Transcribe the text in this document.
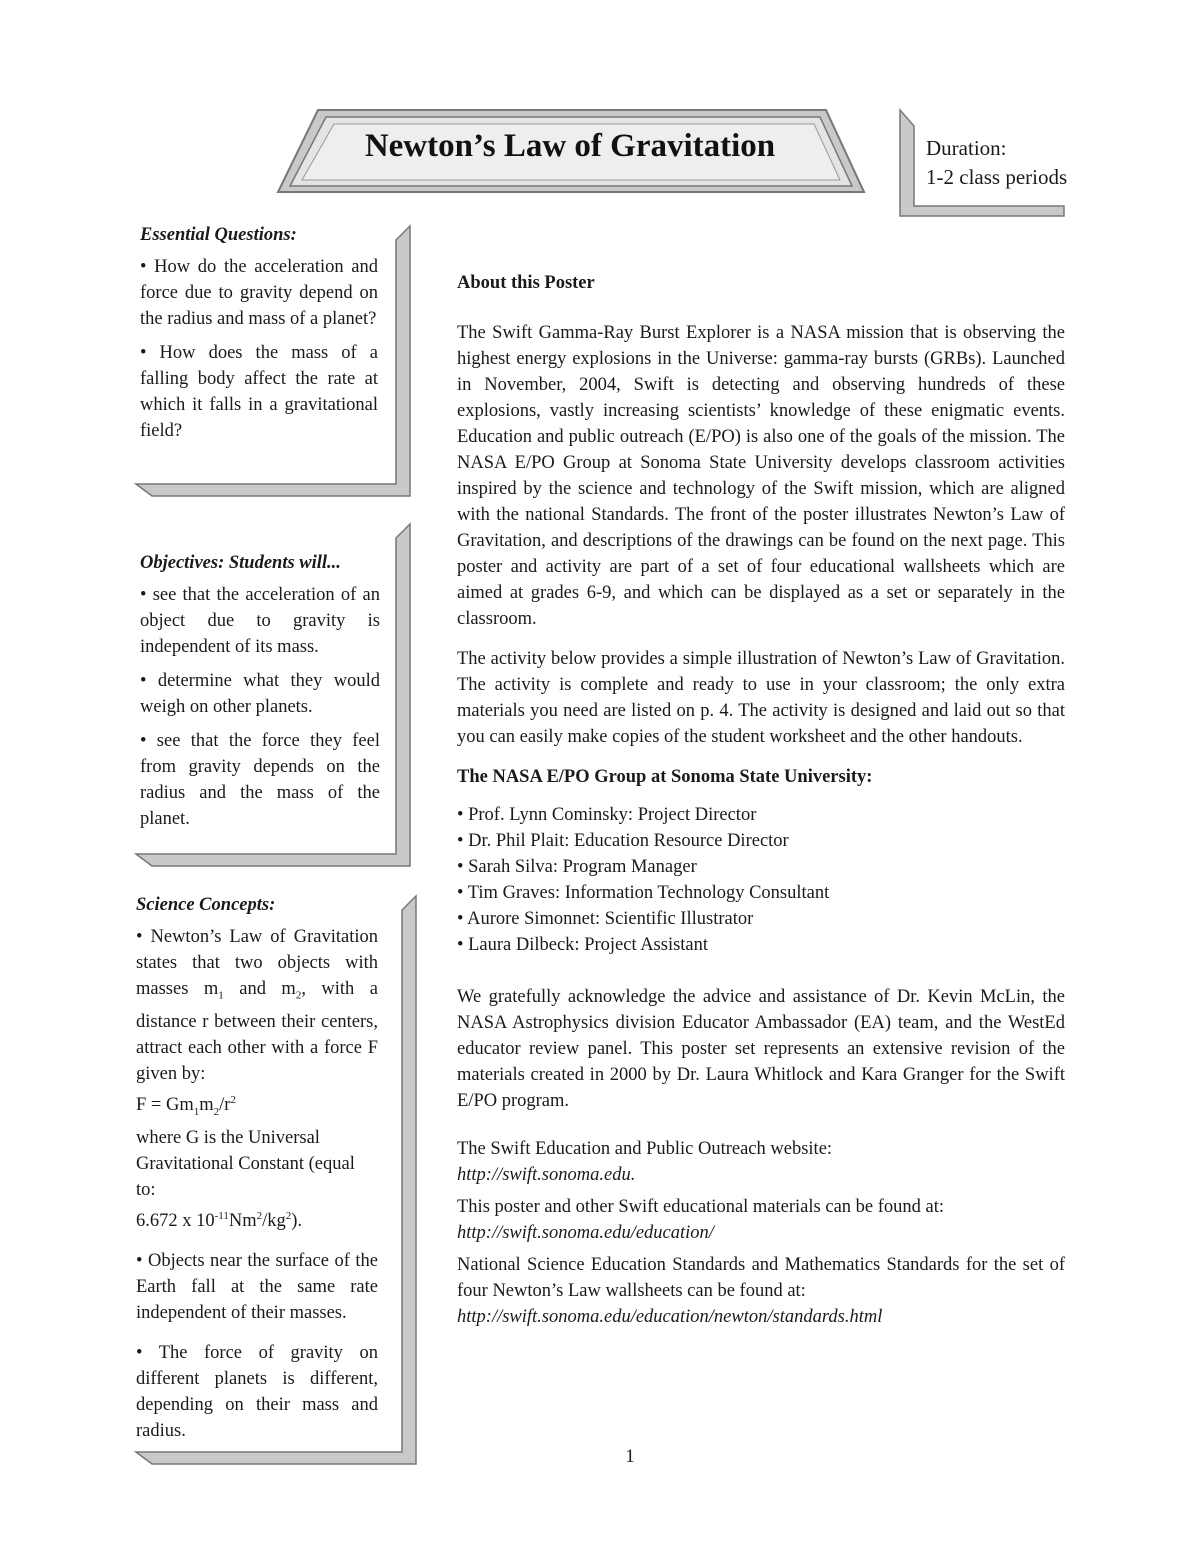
Newton’s Law of Gravitation	Duration:
1-2 class periods
Essential Questions:

• How do the acceleration and force due to gravity depend on the radius and mass of a planet?

• How does the mass of a falling body affect the rate at which it falls in a gravitational field?

Objectives: Students will...

• see that the acceleration of an object due to gravity is independent of its mass.

• determine what they would weigh on other planets.

• see that the force they feel from gravity depends on the radius and the mass of the planet.

Science Concepts:

• Newton’s Law of Gravitation states that two objects with masses $m_1$ and $m_2$, with a distance r between their centers, attract each other with a force F given by:

$F = Gm_1m_2/r^2$
where G is the Universal Gravitational Constant (equal to:

6.672 x $10^{-11}Nm^2/kg^2$).

• Objects near the surface of the Earth fall at the same rate independent of their masses.

• The force of gravity on different planets is different, depending on their mass and radius.

About this Poster

The Swift Gamma-Ray Burst Explorer is a NASA mission that is observing the highest energy explosions in the Universe: gamma-ray bursts (GRBs). Launched in November, 2004, Swift is detecting and observing hundreds of these explosions, vastly increasing scientists’ knowledge of these enigmatic events. Education and public outreach (E/PO) is also one of the goals of the mission. The NASA E/PO Group at Sonoma State University develops classroom activities inspired by the science and technology of the Swift mission, which are aligned with the national Standards. The front of the poster illustrates Newton’s Law of Gravitation, and descriptions of the drawings can be found on the next page. This poster and activity are part of a set of four educational wallsheets which are aimed at grades 6-9, and which can be displayed as a set or separately in the classroom.

The activity below provides a simple illustration of Newton’s Law of Gravitation. The activity is complete and ready to use in your classroom; the only extra materials you need are listed on p. 4. The activity is designed and laid out so that you can easily make copies of the student worksheet and the other handouts.

The NASA E/PO Group at Sonoma State University:
• Prof. Lynn Cominsky: Project Director
• Dr. Phil Plait: Education Resource Director
• Sarah Silva: Program Manager
• Tim Graves: Information Technology Consultant
• Aurore Simonnet: Scientific Illustrator
• Laura Dilbeck: Project Assistant

We gratefully acknowledge the advice and assistance of Dr. Kevin McLin, the NASA Astrophysics division Educator Ambassador (EA) team, and the WestEd educator review panel. This poster set represents an extensive revision of the materials created in 2000 by Dr. Laura Whitlock and Kara Granger for the Swift E/PO program.

The Swift Education and Public Outreach website:
http://swift.sonoma.edu.

This poster and other Swift educational materials can be found at:
http://swift.sonoma.edu/education/

National Science Education Standards and Mathematics Standards for the set of four Newton’s Law wallsheets can be found at:
http://swift.sonoma.edu/education/newton/standards.html

1
